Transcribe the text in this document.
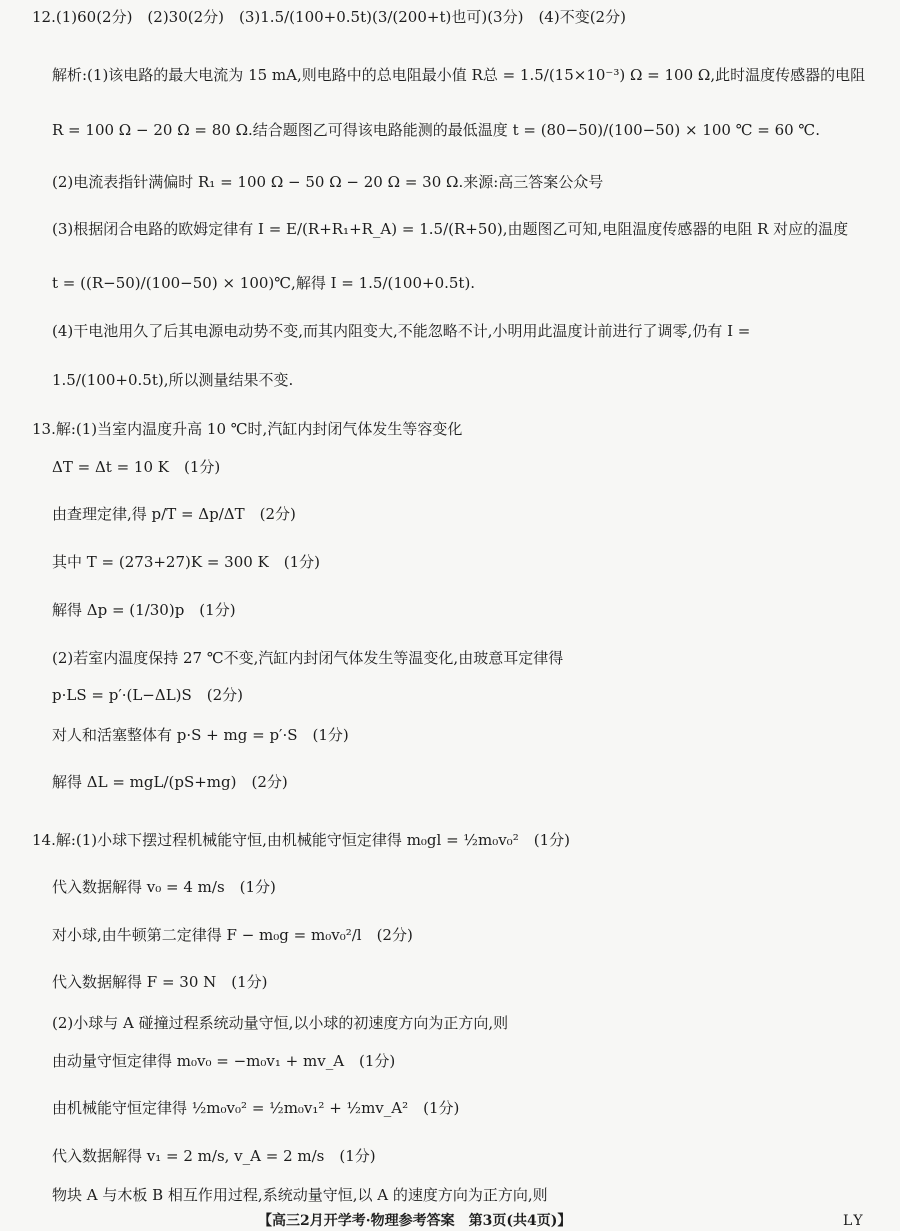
12.(1)60(2分)　(2)30(2分)　(3)1.5/(100+0.5t)(3/(200+t)也可)(3分)　(4)不变(2分)
解析:(1)该电路的最大电流为 15 mA,则电路中的总电阻最小值 R总 = 1.5/(15×10⁻³) Ω = 100 Ω,此时温度传感器的电阻
R = 100 Ω − 20 Ω = 80 Ω.结合题图乙可得该电路能测的最低温度 t = (80−50)/(100−50) × 100 ℃ = 60 ℃.
(2)电流表指针满偏时 R₁ = 100 Ω − 50 Ω − 20 Ω = 30 Ω.来源:高三答案公众号
(3)根据闭合电路的欧姆定律有 I = E/(R+R₁+R_A) = 1.5/(R+50),由题图乙可知,电阻温度传感器的电阻 R 对应的温度
t = ((R−50)/(100−50) × 100)℃,解得 I = 1.5/(100+0.5t).
(4)干电池用久了后其电源电动势不变,而其内阻变大,不能忽略不计,小明用此温度计前进行了调零,仍有 I =
1.5/(100+0.5t),所以测量结果不变.
13.解:(1)当室内温度升高 10 ℃时,汽缸内封闭气体发生等容变化
ΔT = Δt = 10 K　(1分)
由查理定律,得 p/T = Δp/ΔT　(2分)
其中 T = (273+27)K = 300 K　(1分)
解得 Δp = (1/30)p　(1分)
(2)若室内温度保持 27 ℃不变,汽缸内封闭气体发生等温变化,由玻意耳定律得
p·LS = p′·(L−ΔL)S　(2分)
对人和活塞整体有 p·S + mg = p′·S　(1分)
解得 ΔL = mgL/(pS+mg)　(2分)
14.解:(1)小球下摆过程机械能守恒,由机械能守恒定律得 m₀gl = ½m₀v₀²　(1分)
代入数据解得 v₀ = 4 m/s　(1分)
对小球,由牛顿第二定律得 F − m₀g = m₀v₀²/l　(2分)
代入数据解得 F = 30 N　(1分)
(2)小球与 A 碰撞过程系统动量守恒,以小球的初速度方向为正方向,则
由动量守恒定律得 m₀v₀ = −m₀v₁ + mv_A　(1分)
由机械能守恒定律得 ½m₀v₀² = ½m₀v₁² + ½mv_A²　(1分)
代入数据解得 v₁ = 2 m/s, v_A = 2 m/s　(1分)
物块 A 与木板 B 相互作用过程,系统动量守恒,以 A 的速度方向为正方向,则
【高三2月开学考·物理参考答案　第3页(共4页)】	LY
